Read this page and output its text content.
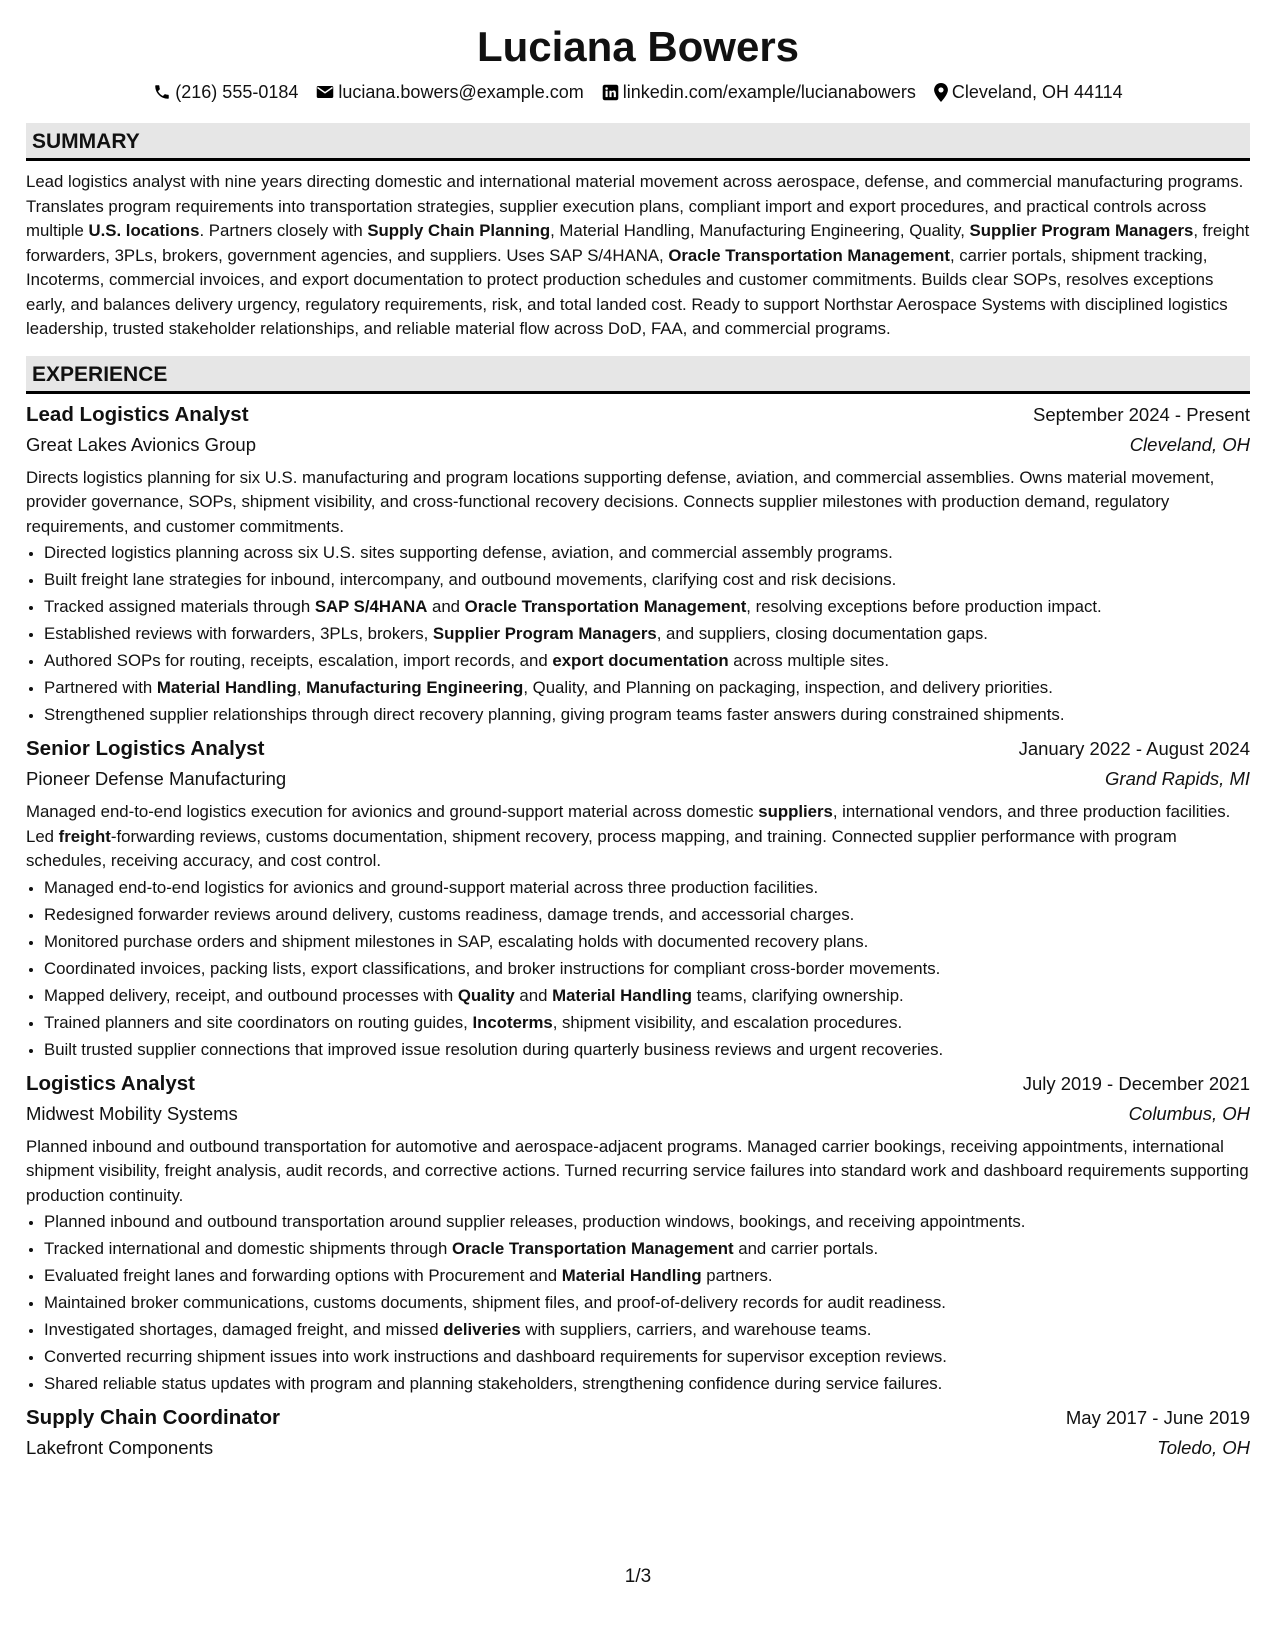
Luciana Bowers
(216) 555-0184 luciana.bowers@example.com linkedin.com/example/lucianabowers Cleveland, OH 44114
SUMMARY
Lead logistics analyst with nine years directing domestic and international material movement across aerospace, defense, and commercial manufacturing programs. Translates program requirements into transportation strategies, supplier execution plans, compliant import and export procedures, and practical controls across multiple U.S. locations. Partners closely with Supply Chain Planning, Material Handling, Manufacturing Engineering, Quality, Supplier Program Managers, freight forwarders, 3PLs, brokers, government agencies, and suppliers. Uses SAP S/4HANA, Oracle Transportation Management, carrier portals, shipment tracking, Incoterms, commercial invoices, and export documentation to protect production schedules and customer commitments. Builds clear SOPs, resolves exceptions early, and balances delivery urgency, regulatory requirements, risk, and total landed cost. Ready to support Northstar Aerospace Systems with disciplined logistics leadership, trusted stakeholder relationships, and reliable material flow across DoD, FAA, and commercial programs.
EXPERIENCE
Lead Logistics Analyst	September 2024 - Present
Great Lakes Avionics Group	Cleveland, OH
Directs logistics planning for six U.S. manufacturing and program locations supporting defense, aviation, and commercial assemblies. Owns material movement, provider governance, SOPs, shipment visibility, and cross-functional recovery decisions. Connects supplier milestones with production demand, regulatory requirements, and customer commitments.
• Directed logistics planning across six U.S. sites supporting defense, aviation, and commercial assembly programs.
• Built freight lane strategies for inbound, intercompany, and outbound movements, clarifying cost and risk decisions.
• Tracked assigned materials through SAP S/4HANA and Oracle Transportation Management, resolving exceptions before production impact.
• Established reviews with forwarders, 3PLs, brokers, Supplier Program Managers, and suppliers, closing documentation gaps.
• Authored SOPs for routing, receipts, escalation, import records, and export documentation across multiple sites.
• Partnered with Material Handling, Manufacturing Engineering, Quality, and Planning on packaging, inspection, and delivery priorities.
• Strengthened supplier relationships through direct recovery planning, giving program teams faster answers during constrained shipments.
Senior Logistics Analyst	January 2022 - August 2024
Pioneer Defense Manufacturing	Grand Rapids, MI
Managed end-to-end logistics execution for avionics and ground-support material across domestic suppliers, international vendors, and three production facilities. Led freight-forwarding reviews, customs documentation, shipment recovery, process mapping, and training. Connected supplier performance with program schedules, receiving accuracy, and cost control.
• Managed end-to-end logistics for avionics and ground-support material across three production facilities.
• Redesigned forwarder reviews around delivery, customs readiness, damage trends, and accessorial charges.
• Monitored purchase orders and shipment milestones in SAP, escalating holds with documented recovery plans.
• Coordinated invoices, packing lists, export classifications, and broker instructions for compliant cross-border movements.
• Mapped delivery, receipt, and outbound processes with Quality and Material Handling teams, clarifying ownership.
• Trained planners and site coordinators on routing guides, Incoterms, shipment visibility, and escalation procedures.
• Built trusted supplier connections that improved issue resolution during quarterly business reviews and urgent recoveries.
Logistics Analyst	July 2019 - December 2021
Midwest Mobility Systems	Columbus, OH
Planned inbound and outbound transportation for automotive and aerospace-adjacent programs. Managed carrier bookings, receiving appointments, international shipment visibility, freight analysis, audit records, and corrective actions. Turned recurring service failures into standard work and dashboard requirements supporting production continuity.
• Planned inbound and outbound transportation around supplier releases, production windows, bookings, and receiving appointments.
• Tracked international and domestic shipments through Oracle Transportation Management and carrier portals.
• Evaluated freight lanes and forwarding options with Procurement and Material Handling partners.
• Maintained broker communications, customs documents, shipment files, and proof-of-delivery records for audit readiness.
• Investigated shortages, damaged freight, and missed deliveries with suppliers, carriers, and warehouse teams.
• Converted recurring shipment issues into work instructions and dashboard requirements for supervisor exception reviews.
• Shared reliable status updates with program and planning stakeholders, strengthening confidence during service failures.
Supply Chain Coordinator	May 2017 - June 2019
Lakefront Components	Toledo, OH
1/3
